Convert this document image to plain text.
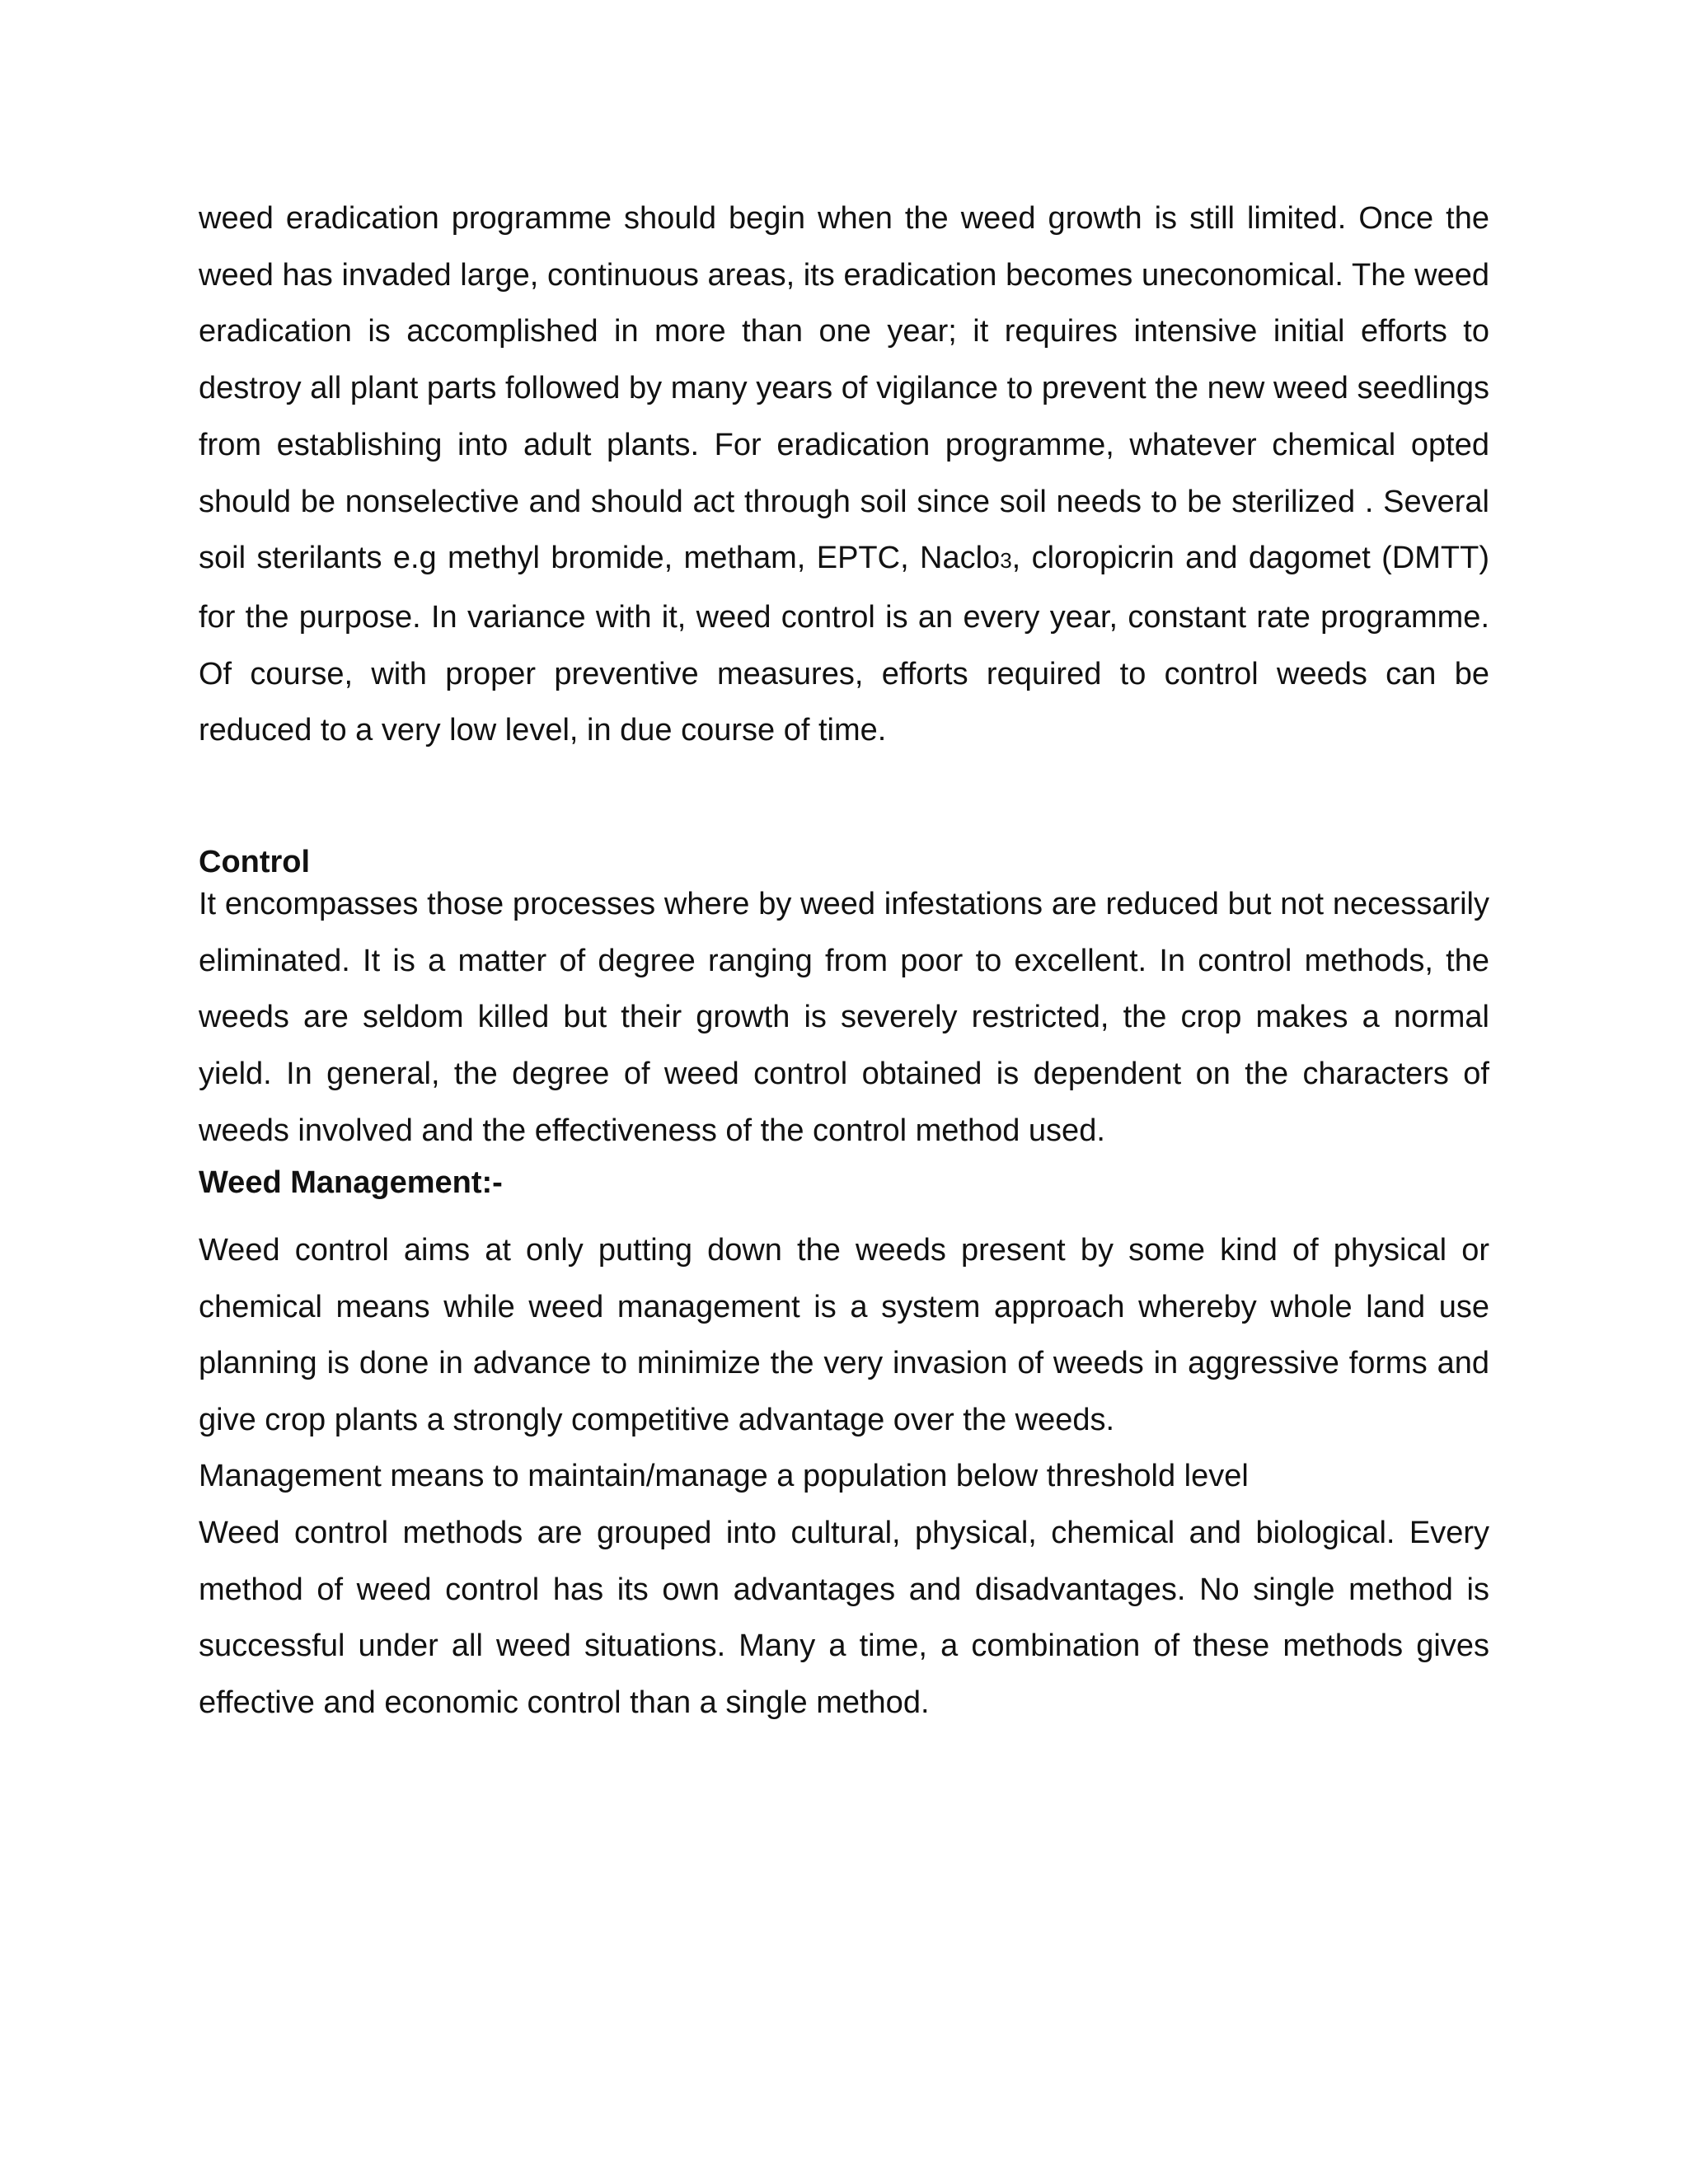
weed eradication programme should begin when the weed growth is still limited. Once the weed has invaded large, continuous areas, its eradication becomes uneconomical. The weed eradication is accomplished in more than one year; it requires intensive initial efforts to destroy all plant parts followed by many years of vigilance to prevent the new weed seedlings from establishing into adult plants. For eradication programme, whatever chemical opted should be nonselective and should act through soil since soil needs to be sterilized . Several soil sterilants e.g methyl bromide, metham, EPTC, Naclo3, cloropicrin and dagomet (DMTT) for the purpose. In variance with it, weed control is an every year, constant rate programme. Of course, with proper preventive measures, efforts required to control weeds can be reduced to a very low level, in due course of time.

Control

It encompasses those processes where by weed infestations are reduced but not necessarily eliminated. It is a matter of degree ranging from poor to excellent. In control methods, the weeds are seldom killed but their growth is severely restricted, the crop makes a normal yield. In general, the degree of weed control obtained is dependent on the characters of weeds involved and the effectiveness of the control method used.

Weed Management:-

Weed control aims at only putting down the weeds present by some kind of physical or chemical means while weed management is a system approach whereby whole land use planning is done in advance to minimize the very invasion of weeds in aggressive forms and give crop plants a strongly competitive advantage over the weeds.

Management means to maintain/manage a population below threshold level

Weed control methods are grouped into cultural, physical, chemical and biological. Every method of weed control has its own advantages and disadvantages. No single method is successful under all weed situations. Many a time, a combination of these methods gives effective and economic control than a single method.
